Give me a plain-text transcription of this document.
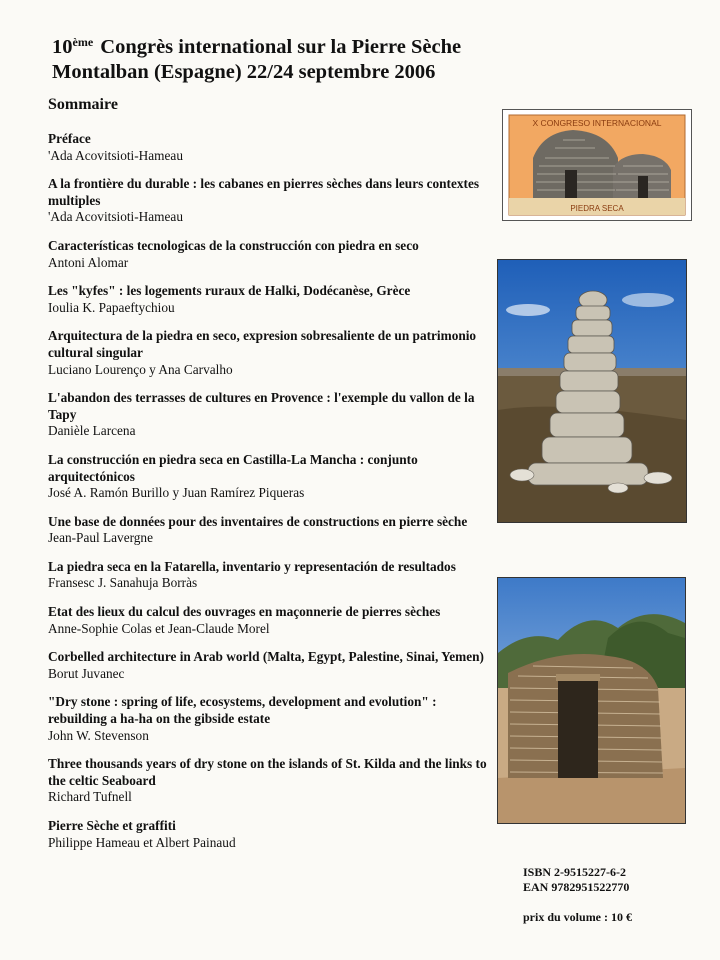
10ème Congrès international sur la Pierre Sèche
Montalban (Espagne) 22/24 septembre 2006
Sommaire
Préface
'Ada Acovitsioti-Hameau
A la frontière du durable : les cabanes en pierres sèches dans leurs contextes multiples
'Ada Acovitsioti-Hameau
Características tecnologicas de la construcción con piedra en seco
Antoni Alomar
Les "kyfes" : les logements ruraux de Halki, Dodécanèse, Grèce
Ioulia K. Papaeftychiou
Arquitectura de la piedra en seco, expresion sobresaliente de un patrimonio cultural singular
Luciano Lourenço y Ana Carvalho
L'abandon des terrasses de cultures en Provence : l'exemple du vallon de la Tapy
Danièle Larcena
La construcción en piedra seca en Castilla-La Mancha : conjunto arquitectónicos
José A. Ramón Burillo y Juan Ramírez Piqueras
Une base de données pour des inventaires de constructions en pierre sèche
Jean-Paul Lavergne
La piedra seca en la Fatarella, inventario y representación de resultados
Fransesc J. Sanahuja Borràs
Etat des lieux du calcul des ouvrages en maçonnerie de pierres sèches
Anne-Sophie Colas et Jean-Claude Morel
Corbelled architecture in Arab world (Malta, Egypt, Palestine, Sinai, Yemen)
Borut Juvanec
"Dry stone : spring of life, ecosystems, development and evolution" : rebuilding a ha-ha on the gibside estate
John W. Stevenson
Three thousands years of dry stone on the islands of St. Kilda and the links to the celtic Seaboard
Richard Tufnell
Pierre Sèche et graffiti
Philippe Hameau et Albert Painaud
X CONGRESO INTERNACIONAL
PIEDRA SECA
ISBN 2-9515227-6-2
EAN 9782951522770
prix du volume : 10 €
